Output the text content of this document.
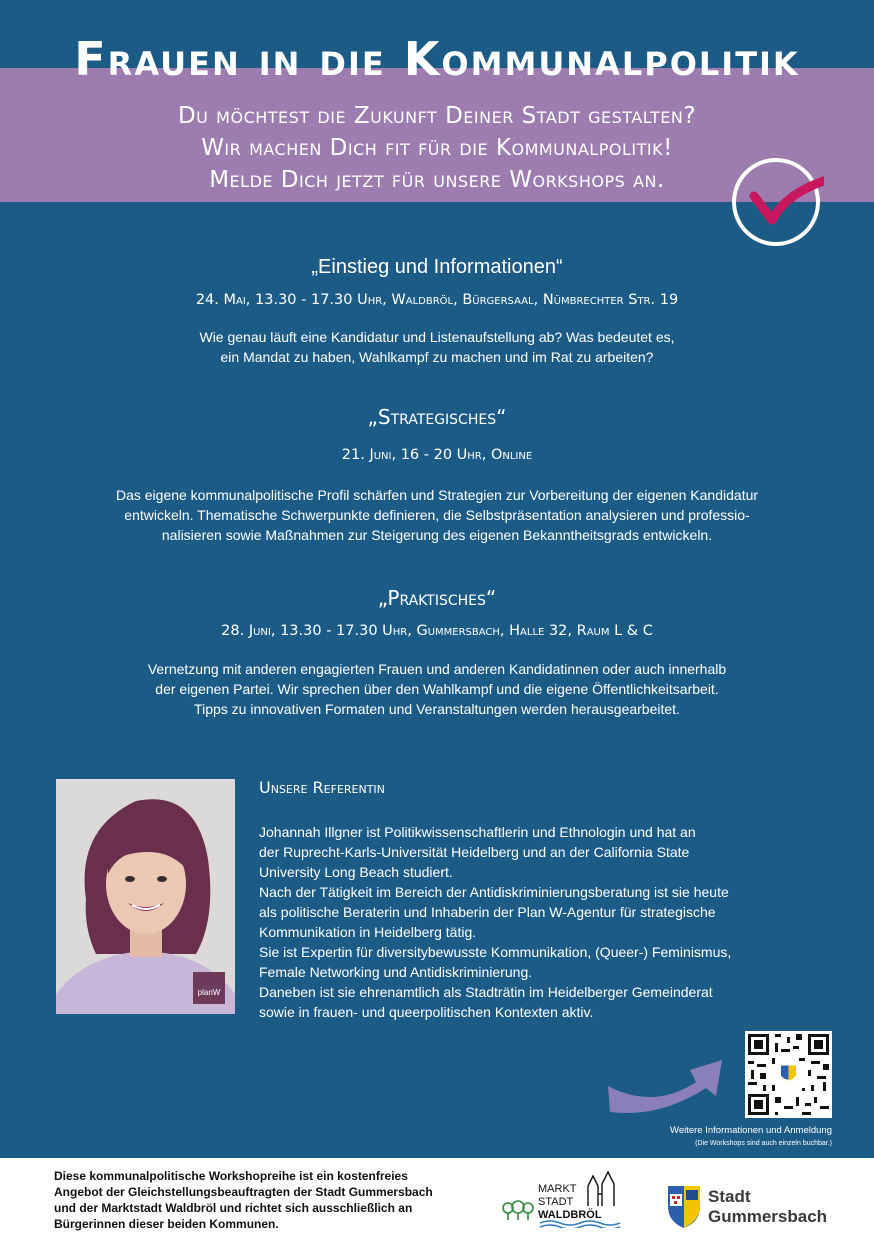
Frauen in die Kommunalpolitik
Du möchtest die Zukunft Deiner Stadt gestalten?
Wir machen Dich fit für die Kommunalpolitik!
Melde Dich jetzt für unsere Workshops an.
„Einstieg und Informationen“
24. Mai, 13.30 - 17.30 Uhr, Waldbröl, Bürgersaal, Nümbrechter Str. 19
Wie genau läuft eine Kandidatur und Listenaufstellung ab? Was bedeutet es,
ein Mandat zu haben, Wahlkampf zu machen und im Rat zu arbeiten?
„Strategisches“
21. Juni, 16 - 20 Uhr, Online
Das eigene kommunalpolitische Profil schärfen und Strategien zur Vorbereitung der eigenen Kandidatur
entwickeln. Thematische Schwerpunkte definieren, die Selbstpräsentation analysieren und professio-
nalisieren sowie Maßnahmen zur Steigerung des eigenen Bekanntheitsgrads entwickeln.
„Praktisches“
28. Juni, 13.30 - 17.30 Uhr, Gummersbach, Halle 32, Raum L & C
Vernetzung mit anderen engagierten Frauen und anderen Kandidatinnen oder auch innerhalb
der eigenen Partei. Wir sprechen über den Wahlkampf und die eigene Öffentlichkeitsarbeit.
Tipps zu innovativen Formaten und Veranstaltungen werden herausgearbeitet.
planW
Unsere Referentin
Johannah Illgner ist Politikwissenschaftlerin und Ethnologin und hat an
der Ruprecht-Karls-Universität Heidelberg und an der California State
University Long Beach studiert.
Nach der Tätigkeit im Bereich der Antidiskriminierungsberatung ist sie heute
als politische Beraterin und Inhaberin der Plan W-Agentur für strategische
Kommunikation in Heidelberg tätig.
Sie ist Expertin für diversitybewusste Kommunikation, (Queer-) Feminismus,
Female Networking und Antidiskriminierung.
Daneben ist sie ehrenamtlich als Stadträtin im Heidelberger Gemeinderat
sowie in frauen- und queerpolitischen Kontexten aktiv.
Weitere Informationen und Anmeldung
(Die Workshops sind auch einzeln buchbar.)
Diese kommunalpolitische Workshopreihe ist ein kostenfreies
Angebot der Gleichstellungsbeauftragten der Stadt Gummersbach
und der Marktstadt Waldbröl und richtet sich ausschließlich an
Bürgerinnen dieser beiden Kommunen.
MARKT
STADT
WALDBRÖL
Stadt
Gummersbach
